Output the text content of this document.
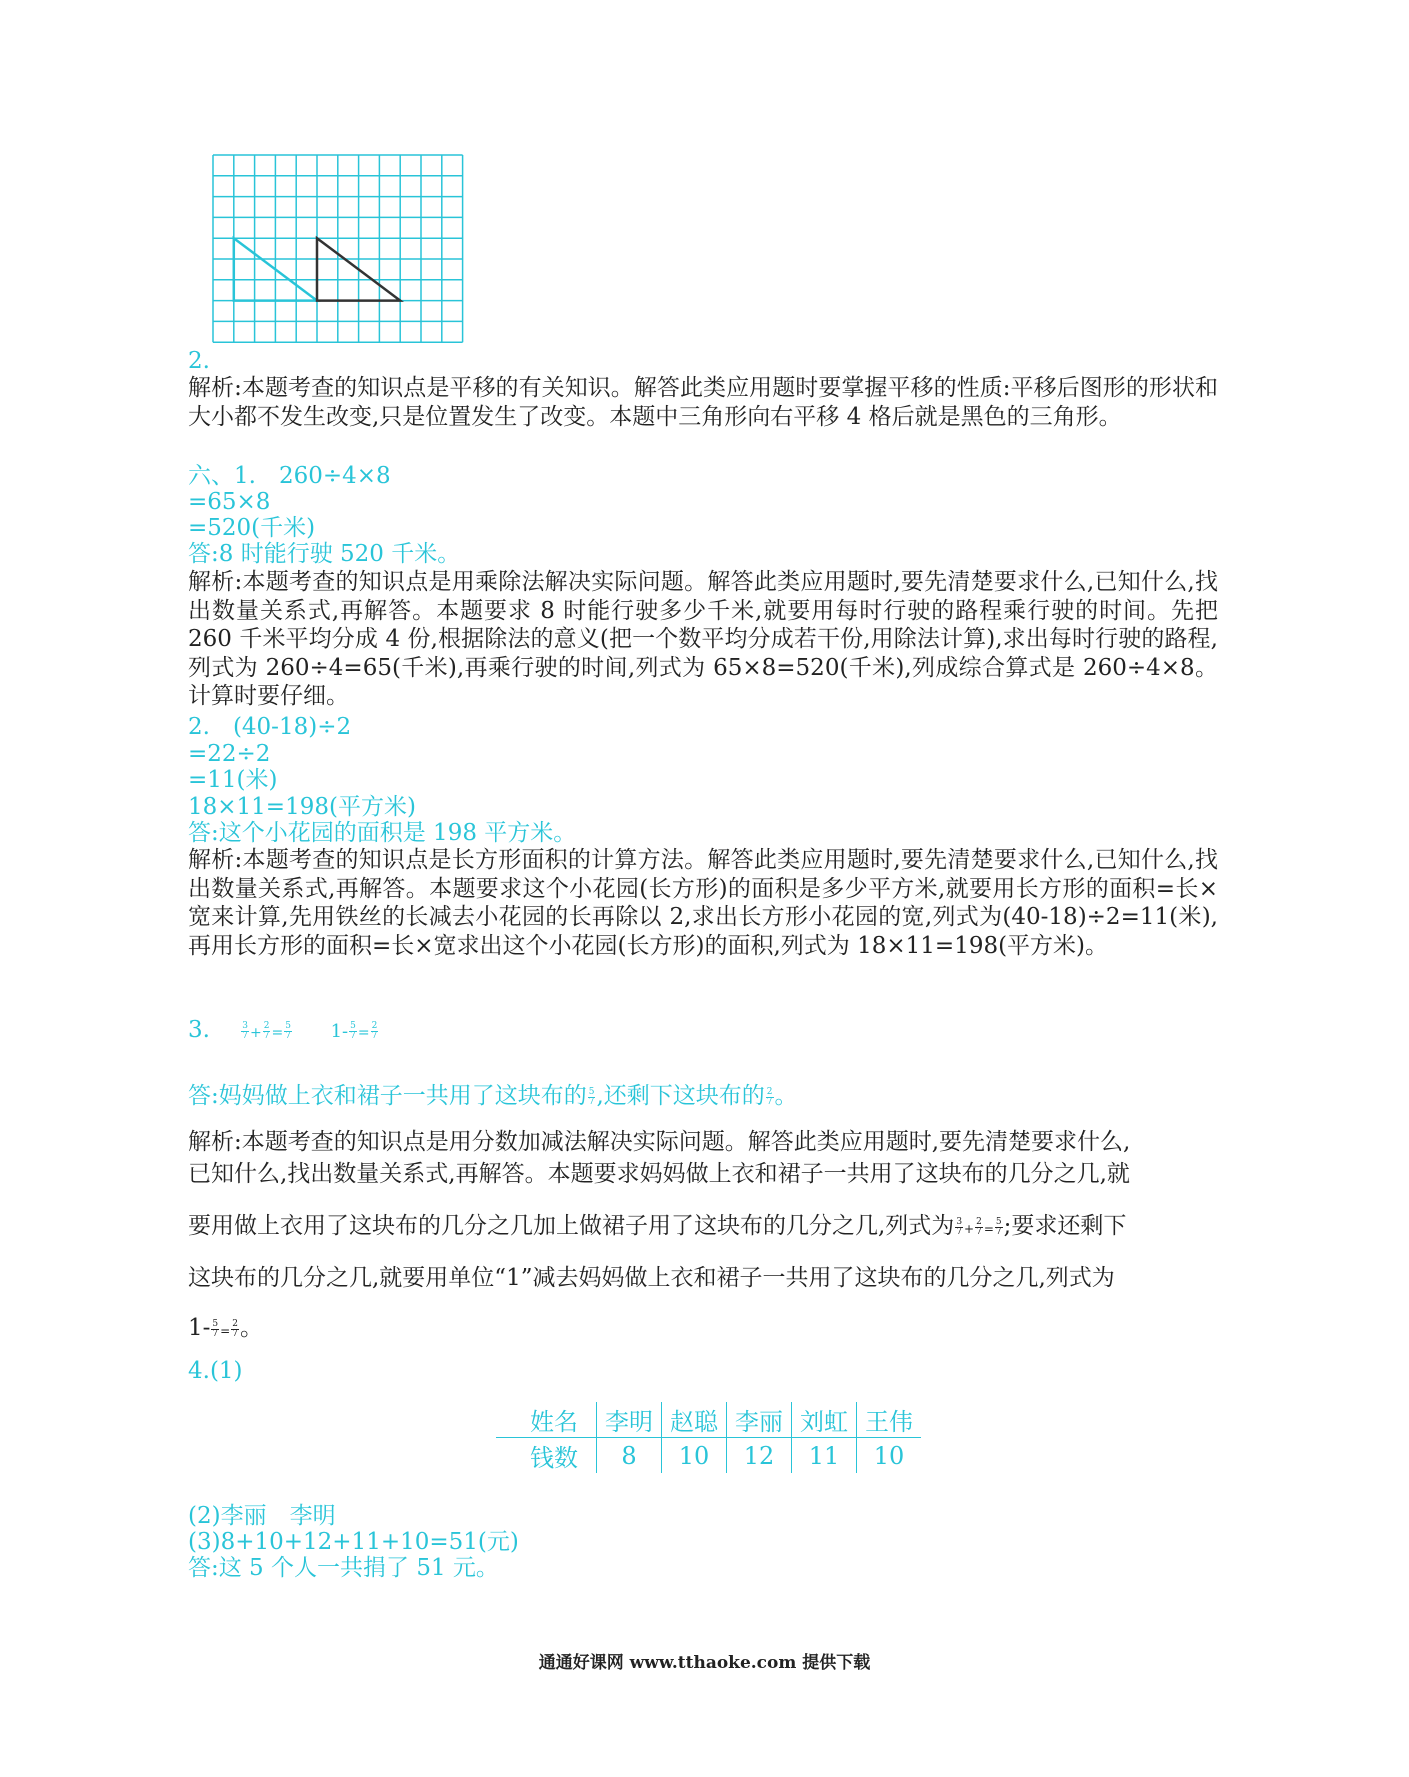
2.
解析:本题考查的知识点是平移的有关知识。解答此类应用题时要掌握平移的性质:平移后图形的形状和大小都不发生改变,只是位置发生了改变。本题中三角形向右平移 4 格后就是黑色的三角形。
六、1.　260÷4×8
=65×8
=520(千米)
答:8 时能行驶 520 千米。
解析:本题考查的知识点是用乘除法解决实际问题。解答此类应用题时,要先清楚要求什么,已知什么,找出数量关系式,再解答。本题要求 8 时能行驶多少千米,就要用每时行驶的路程乘行驶的时间。先把 260 千米平均分成 4 份,根据除法的意义(把一个数平均分成若干份,用除法计算),求出每时行驶的路程,列式为 260÷4=65(千米),再乘行驶的时间,列式为 65×8=520(千米),列成综合算式是 260÷4×8。计算时要仔细。
2.　(40-18)÷2
=22÷2
=11(米)
18×11=198(平方米)
答:这个小花园的面积是 198 平方米。
解析:本题考查的知识点是长方形面积的计算方法。解答此类应用题时,要先清楚要求什么,已知什么,找出数量关系式,再解答。本题要求这个小花园(长方形)的面积是多少平方米,就要用长方形的面积=长×宽来计算,先用铁丝的长减去小花园的长再除以 2,求出长方形小花园的宽,列式为(40-18)÷2=11(米),再用长方形的面积=长×宽求出这个小花园(长方形)的面积,列式为 18×11=198(平方米)。
3.　	$\frac{3}{7} + \frac{2}{7} = \frac{5}{7}$
　 $1- \frac{5}{7} = \frac{2}{7}$
答:妈妈做上衣和裙子一共用了这块布的 $\frac{5}{7}$ ,还剩下这块布的 $\frac{2}{7}$ 。
解析:本题考查的知识点是用分数加减法解决实际问题。解答此类应用题时,要先清楚要求什么,
已知什么,找出数量关系式,再解答。本题要求妈妈做上衣和裙子一共用了这块布的几分之几,就
要用做上衣用了这块布的几分之几加上做裙子用了这块布的几分之几,列式为 $\frac{3}{7} + \frac{2}{7} = \frac{5}{7}$ ;要求还剩下
这块布的几分之几,就要用单位“1”减去妈妈做上衣和裙子一共用了这块布的几分之几,列式为
$1- \frac{5}{7} = \frac{2}{7}$ 。
4.(1)
姓名	李明	赵聪	李丽	刘虹	王伟
钱数	8	10	12	11	10
(2)李丽　李明
(3)8+10+12+11+10=51(元)
答:这 5 个人一共捐了 51 元。
通通好课网 www.tthaoke.com 提供下载
